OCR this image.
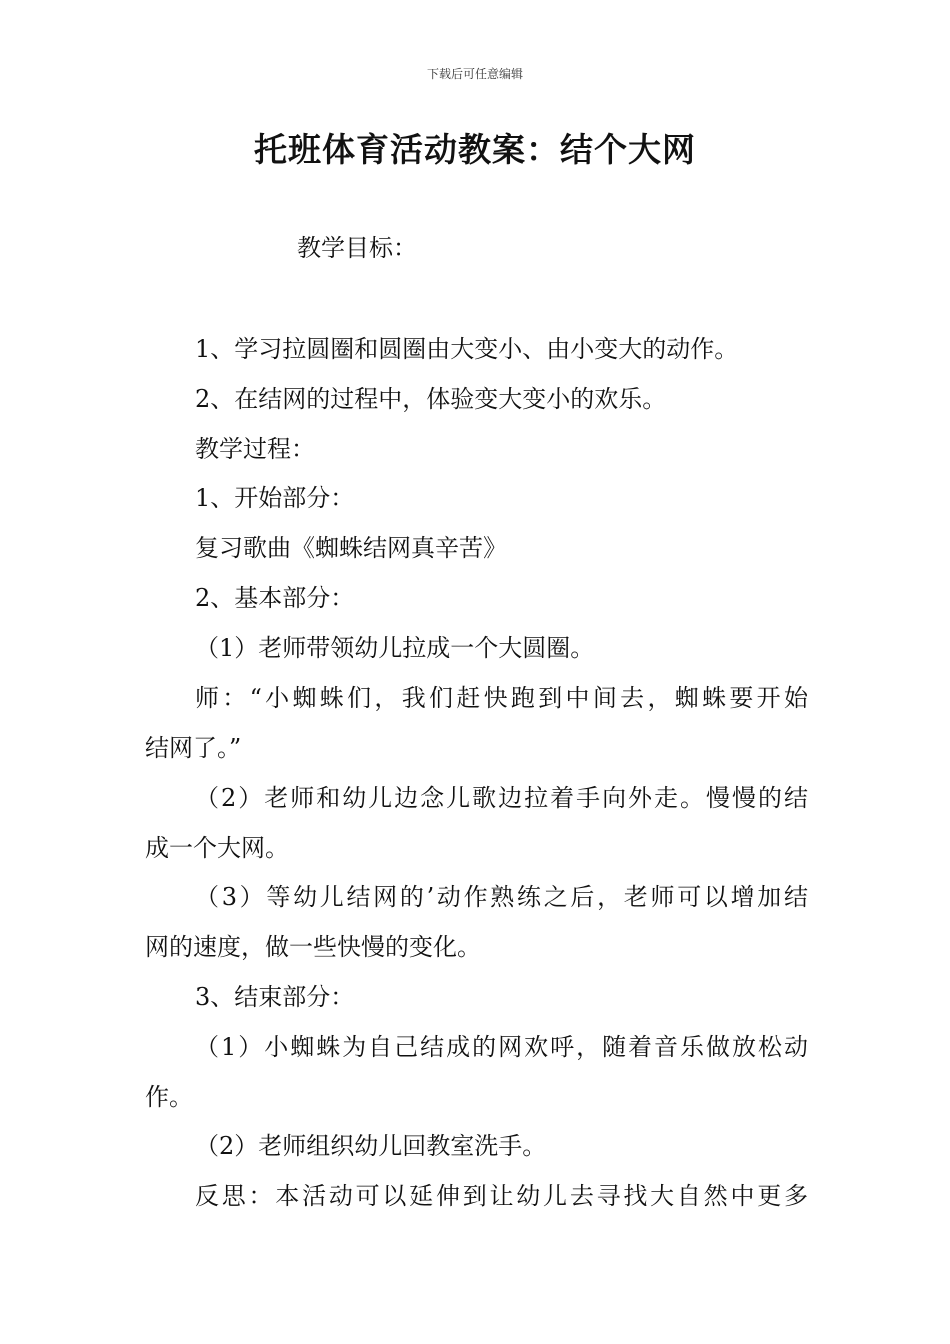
下载后可任意编辑
托班体育活动教案：结个大网
教学目标：
1、学习拉圆圈和圆圈由大变小、由小变大的动作。
2、在结网的过程中，体验变大变小的欢乐。
教学过程：
1、开始部分：
复习歌曲《蜘蛛结网真辛苦》
2、基本部分：
（1）老师带领幼儿拉成一个大圆圈。
师：“小蜘蛛们，我们赶快跑到中间去，蜘蛛要开始
结网了。”
（2）老师和幼儿边念儿歌边拉着手向外走。慢慢的结
成一个大网。
（3）等幼儿结网的’动作熟练之后，老师可以增加结
网的速度，做一些快慢的变化。
3、结束部分：
（1）小蜘蛛为自己结成的网欢呼，随着音乐做放松动
作。
（2）老师组织幼儿回教室洗手。
反思：本活动可以延伸到让幼儿去寻找大自然中更多
